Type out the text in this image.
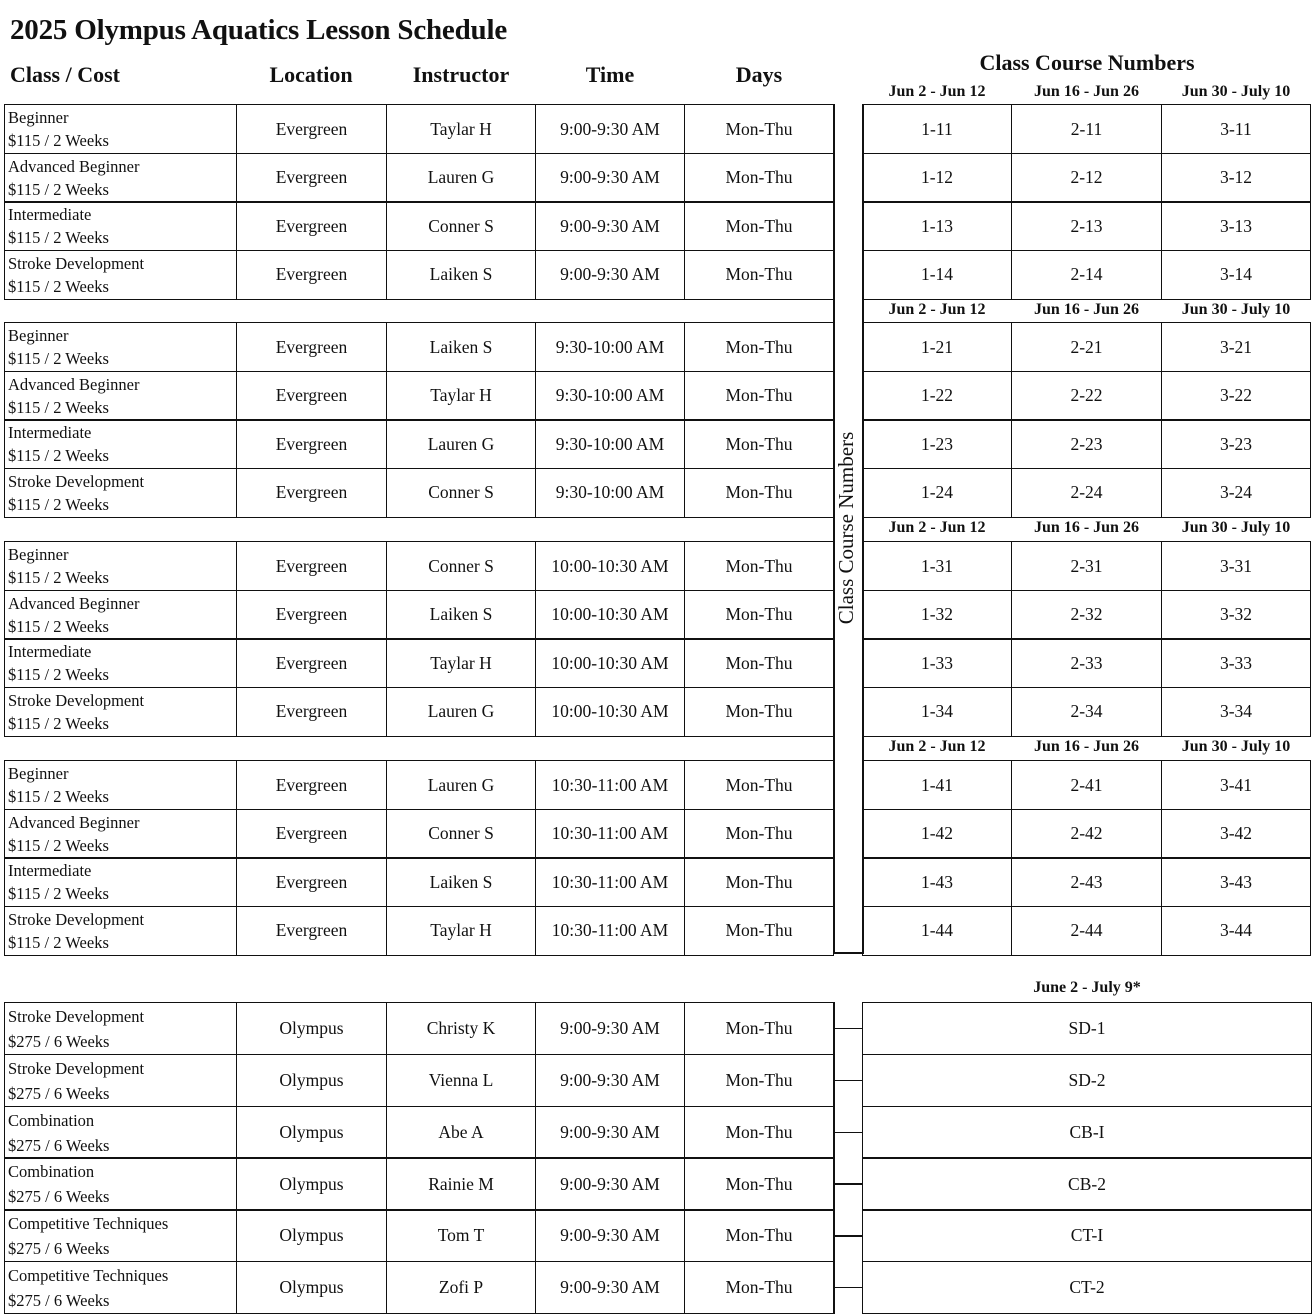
2025 Olympus Aquatics Lesson Schedule
Class / Cost	Location	Instructor	Time	Days	Class Course Numbers
Jun 2 - Jun 12	Jun 16 - Jun 26	Jun 30 - July 10
Jun 2 - Jun 12	Jun 16 - Jun 26	Jun 30 - July 10
Jun 2 - Jun 12	Jun 16 - Jun 26	Jun 30 - July 10
Jun 2 - Jun 12	Jun 16 - Jun 26	Jun 30 - July 10
Beginner
$115 / 2 Weeks
Evergreen	Taylar H	9:00-9:30 AM	Mon-Thu	1-11	2-11	3-11
Advanced Beginner
$115 / 2 Weeks
Evergreen	Lauren G	9:00-9:30 AM	Mon-Thu	1-12	2-12	3-12
Intermediate
$115 / 2 Weeks
Evergreen	Conner S	9:00-9:30 AM	Mon-Thu	1-13	2-13	3-13
Stroke Development
$115 / 2 Weeks
Evergreen	Laiken S	9:00-9:30 AM	Mon-Thu	1-14	2-14	3-14
Beginner
$115 / 2 Weeks
Evergreen	Laiken S	9:30-10:00 AM	Mon-Thu	1-21	2-21	3-21
Advanced Beginner
$115 / 2 Weeks
Evergreen	Taylar H	9:30-10:00 AM	Mon-Thu	1-22	2-22	3-22
Intermediate
$115 / 2 Weeks
Evergreen	Lauren G	9:30-10:00 AM	Mon-Thu	1-23	2-23	3-23
Stroke Development
$115 / 2 Weeks
Evergreen	Conner S	9:30-10:00 AM	Mon-Thu	1-24	2-24	3-24
Beginner
$115 / 2 Weeks
Evergreen	Conner S	10:00-10:30 AM	Mon-Thu	1-31	2-31	3-31
Advanced Beginner
$115 / 2 Weeks
Evergreen	Laiken S	10:00-10:30 AM	Mon-Thu	1-32	2-32	3-32
Intermediate
$115 / 2 Weeks
Evergreen	Taylar H	10:00-10:30 AM	Mon-Thu	1-33	2-33	3-33
Stroke Development
$115 / 2 Weeks
Evergreen	Lauren G	10:00-10:30 AM	Mon-Thu	1-34	2-34	3-34
Beginner
$115 / 2 Weeks
Evergreen	Lauren G	10:30-11:00 AM	Mon-Thu	1-41	2-41	3-41
Advanced Beginner
$115 / 2 Weeks
Evergreen	Conner S	10:30-11:00 AM	Mon-Thu	1-42	2-42	3-42
Intermediate
$115 / 2 Weeks
Evergreen	Laiken S	10:30-11:00 AM	Mon-Thu	1-43	2-43	3-43
Stroke Development
$115 / 2 Weeks
Evergreen	Taylar H	10:30-11:00 AM	Mon-Thu	1-44	2-44	3-44
Class Course Numbers
June 2 - July 9*
Stroke Development
$275 / 6 Weeks
Olympus	Christy K	9:00-9:30 AM	Mon-Thu	SD-1
Stroke Development
$275 / 6 Weeks
Olympus	Vienna L	9:00-9:30 AM	Mon-Thu	SD-2
Combination
$275 / 6 Weeks
Olympus	Abe A	9:00-9:30 AM	Mon-Thu	CB-I
Combination
$275 / 6 Weeks
Olympus	Rainie M	9:00-9:30 AM	Mon-Thu	CB-2
Competitive Techniques
$275 / 6 Weeks
Olympus	Tom T	9:00-9:30 AM	Mon-Thu	CT-I
Competitive Techniques
$275 / 6 Weeks
Olympus	Zofi P	9:00-9:30 AM	Mon-Thu	CT-2
